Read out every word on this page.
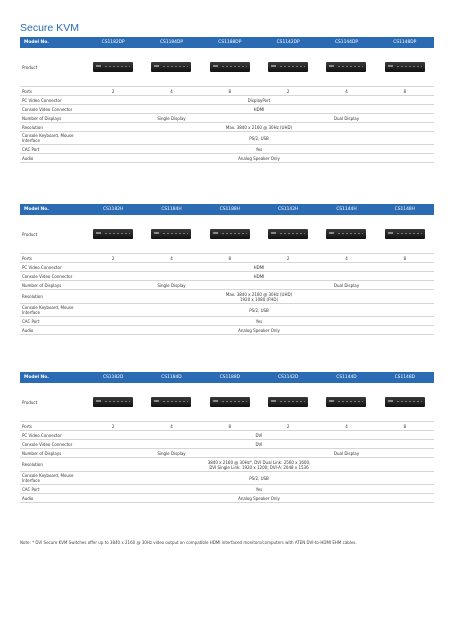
Secure KVM
Model No.	CS1182DP	CS1184DP	CS1188DP	CS1142DP	CS1144DP	CS1148DP
Product
Ports	2	4	8	2	4	8
PC Video Connector	DisplayPort
Console Video Connector	HDMI
Number of Displays	Single Display	Dual Display
Resolution	Max. 3840 x 2160 @ 30Hz (UHD)
Console Keyboard, Mouse Interface	PS/2, USB
CAC Port	Yes
Audio	Analog Speaker Only
Model No.	CS1182H	CS1184H	CS1188H	CS1142H	CS1144H	CS1148H
Product
Ports	2	4	8	2	4	8
PC Video Connector	HDMI
Console Video Connector	HDMI
Number of Displays	Single Display	Dual Display
Resolution	Max. 3840 x 2160 @ 30Hz (UHD)
1920 x 1080 (FHD)
Console Keyboard, Mouse Interface	PS/2, USB
CAC Port	Yes
Audio	Analog Speaker Only
Model No.	CS1182D	CS1184D	CS1188D	CS1142D	CS1144D	CS1148D
Product
Ports	2	4	8	2	4	8
PC Video Connector	DVI
Console Video Connector	DVI
Number of Displays	Single Display	Dual Display
Resolution	3840 x 2160 @ 30Hz*, DVI Dual Link: 2560 x 1600,
DVI Single Link: 1920 x 1200; DVI-A: 2048 x 1536
Console Keyboard, Mouse Interface	PS/2, USB
CAC Port	Yes
Audio	Analog Speaker Only
Note: * DVI Secure KVM Switches offer up to 3840 x 2160 @ 30Hz video output on compatible HDMI interfaced monitors/computers with ATEN DVI-to-HDMI EHM cables.
